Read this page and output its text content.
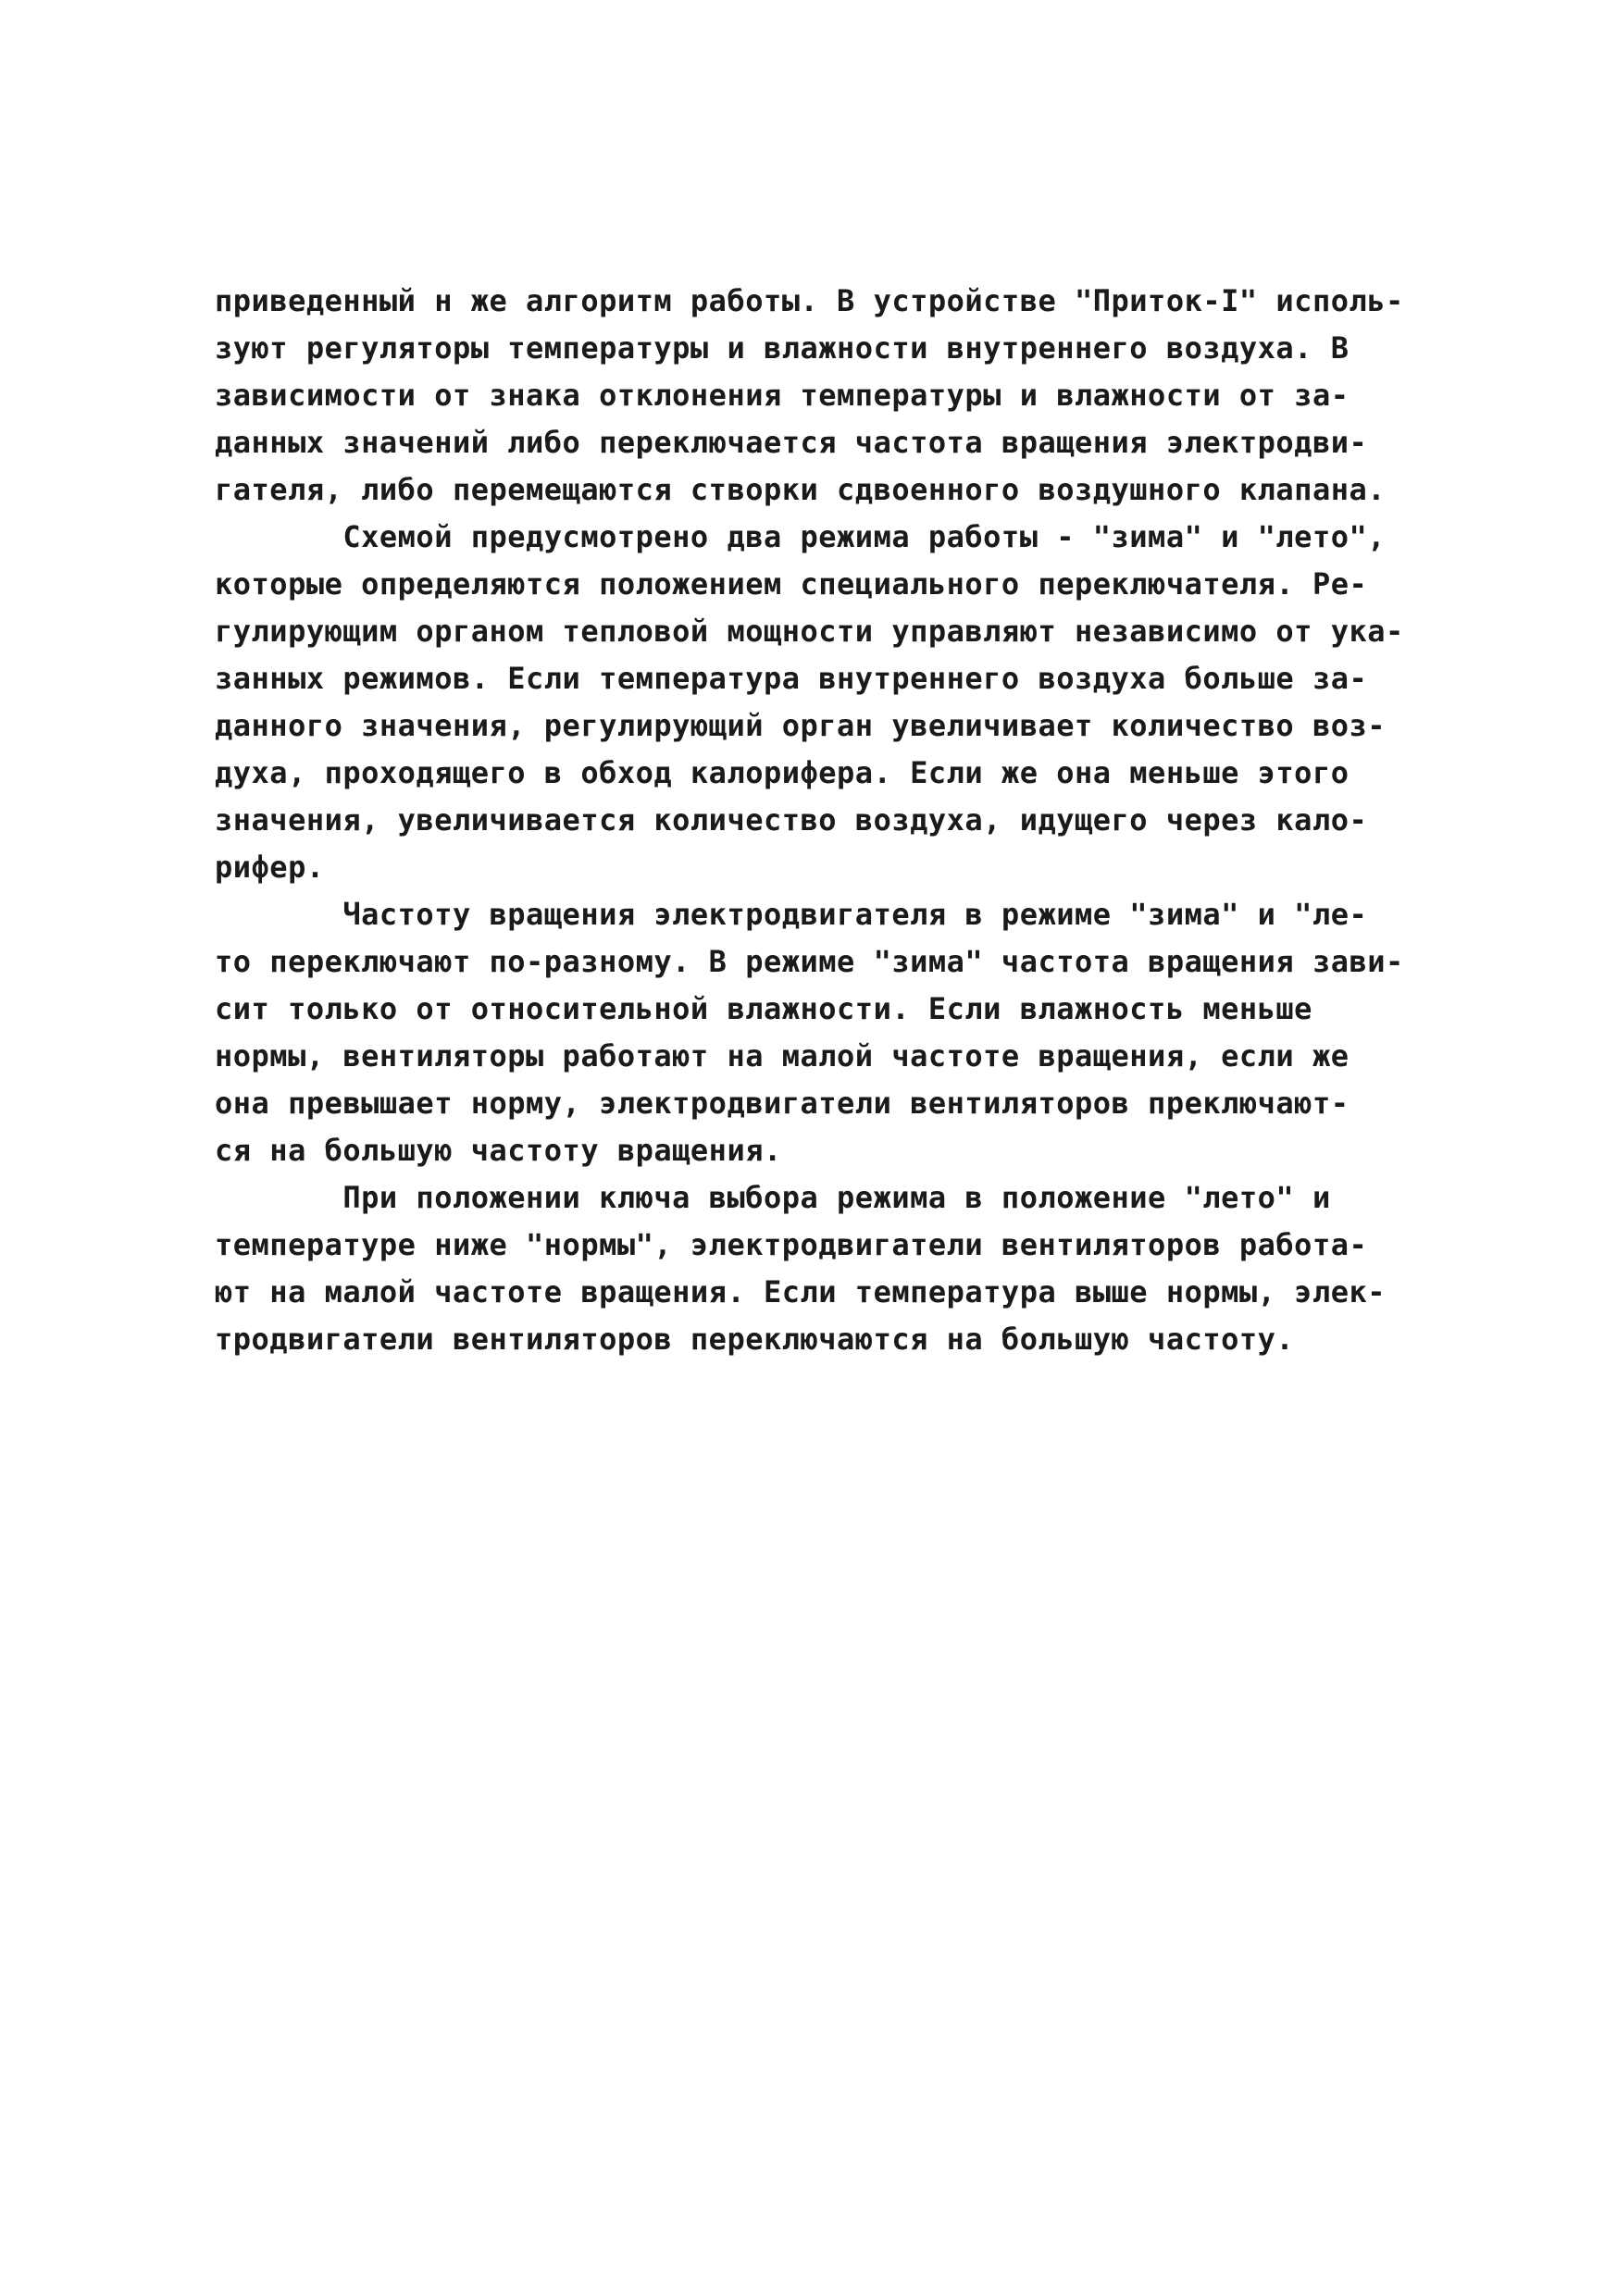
приведенный н же алгоритм работы. В устройстве "Приток-I" исполь-
зуют регуляторы температуры и влажности внутреннего воздуха. В
зависимости от знака отклонения температуры и влажности от за-
данных значений либо переключается частота вращения электродви-
гателя, либо перемещаются створки сдвоенного воздушного клапана.
Схемой предусмотрено два режима работы - "зима" и "лето",
которые определяются положением специального переключателя. Ре-
гулирующим органом тепловой мощности управляют независимо от ука-
занных режимов. Если температура внутреннего воздуха больше за-
данного значения, регулирующий орган увеличивает количество воз-
духа, проходящего в обход калорифера. Если же она меньше этого
значения, увеличивается количество воздуха, идущего через кало-
рифер.
Частоту вращения электродвигателя в режиме "зима" и "ле-
то переключают по-разному. В режиме "зима" частота вращения зави-
сит только от относительной влажности. Если влажность меньше
нормы, вентиляторы работают на малой частоте вращения, если же
она превышает норму, электродвигатели вентиляторов преключают-
ся на большую частоту вращения.
При положении ключа выбора режима в положение "лето" и
температуре ниже "нормы", электродвигатели вентиляторов работа-
ют на малой частоте вращения. Если температура выше нормы, элек-
тродвигатели вентиляторов переключаются на большую частоту.
